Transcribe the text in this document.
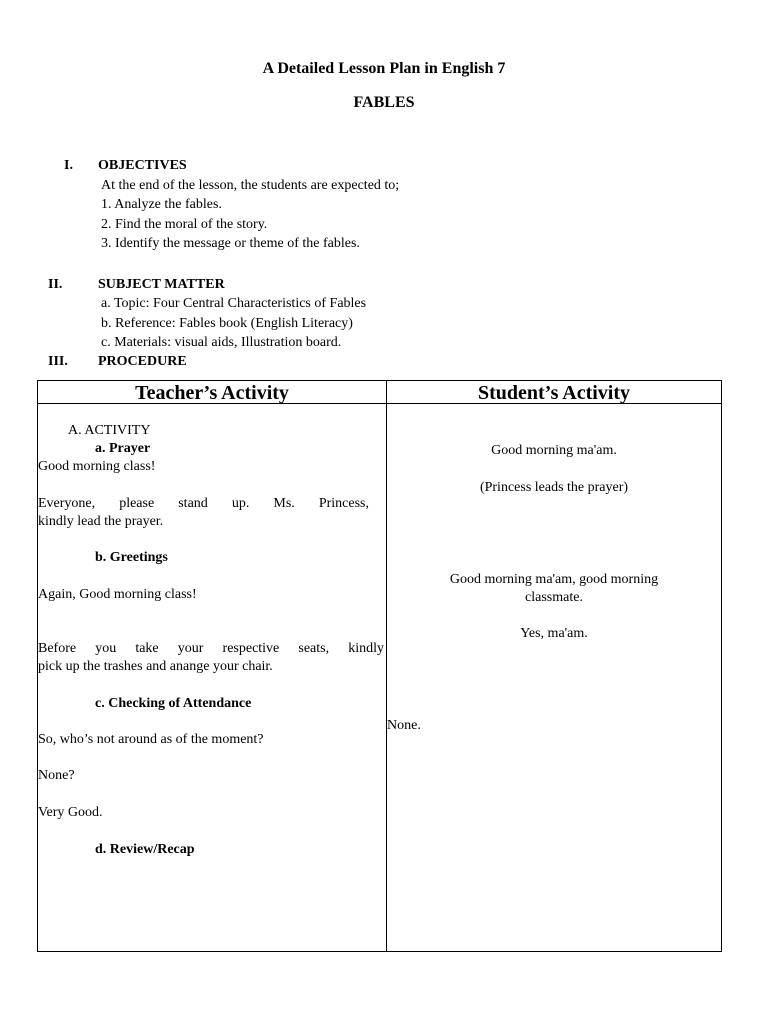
A Detailed Lesson Plan in English 7
FABLES
I. OBJECTIVES
At the end of the lesson, the students are expected to;
1. Analyze the fables.
2. Find the moral of the story.
3. Identify the message or theme of the fables.
II.	SUBJECT MATTER
a. Topic: Four Central Characteristics of Fables
b. Reference: Fables book (English Literacy)
c. Materials: visual aids, Illustration board.
III. PROCEDURE
Teacher’s Activity	Student’s Activity
A. ACTIVITY
a. Prayer
Good morning class!
Everyone, please stand up. Ms. Princess,
kindly lead the prayer.
b. Greetings
Again, Good morning class!
Before you take your respective seats, kindly
pick up the trashes and anange your chair.
c. Checking of Attendance
So, who’s not around as of the moment?
None?
Very Good.
d. Review/Recap
Good morning ma'am.
(Princess leads the prayer)
Good morning ma'am, good morning
classmate.
Yes, ma'am.
None.
